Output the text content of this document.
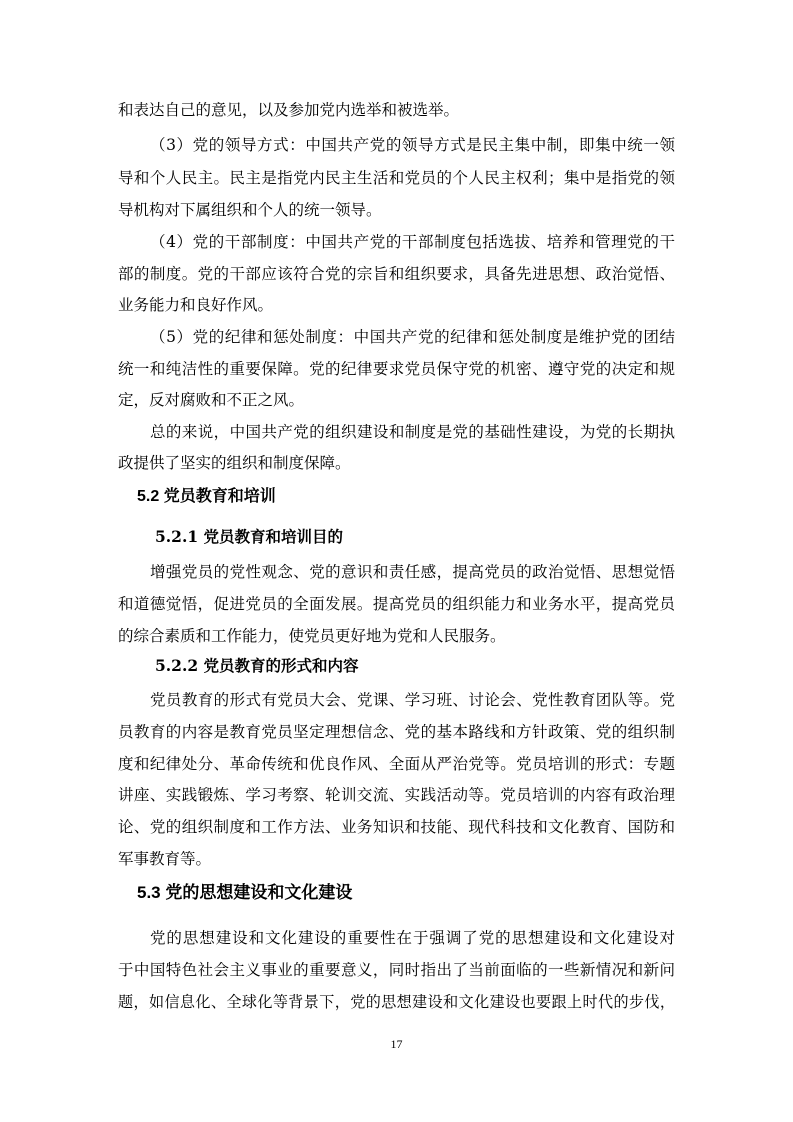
和表达自己的意见，以及参加党内选举和被选举。
（3）党的领导方式：中国共产党的领导方式是民主集中制，即集中统一领
导和个人民主。民主是指党内民主生活和党员的个人民主权利；集中是指党的领
导机构对下属组织和个人的统一领导。
（4）党的干部制度：中国共产党的干部制度包括选拔、培养和管理党的干
部的制度。党的干部应该符合党的宗旨和组织要求，具备先进思想、政治觉悟、
业务能力和良好作风。
（5）党的纪律和惩处制度：中国共产党的纪律和惩处制度是维护党的团结
统一和纯洁性的重要保障。党的纪律要求党员保守党的机密、遵守党的决定和规
定，反对腐败和不正之风。
总的来说，中国共产党的组织建设和制度是党的基础性建设，为党的长期执
政提供了坚实的组织和制度保障。
5.2 党员教育和培训
5.2.1 党员教育和培训目的
增强党员的党性观念、党的意识和责任感，提高党员的政治觉悟、思想觉悟
和道德觉悟，促进党员的全面发展。提高党员的组织能力和业务水平，提高党员
的综合素质和工作能力，使党员更好地为党和人民服务。
5.2.2 党员教育的形式和内容
党员教育的形式有党员大会、党课、学习班、讨论会、党性教育团队等。党
员教育的内容是教育党员坚定理想信念、党的基本路线和方针政策、党的组织制
度和纪律处分、革命传统和优良作风、全面从严治党等。党员培训的形式：专题
讲座、实践锻炼、学习考察、轮训交流、实践活动等。党员培训的内容有政治理
论、党的组织制度和工作方法、业务知识和技能、现代科技和文化教育、国防和
军事教育等。
5.3 党的思想建设和文化建设
党的思想建设和文化建设的重要性在于强调了党的思想建设和文化建设对
于中国特色社会主义事业的重要意义，同时指出了当前面临的一些新情况和新问
题，如信息化、全球化等背景下，党的思想建设和文化建设也要跟上时代的步伐，
17
